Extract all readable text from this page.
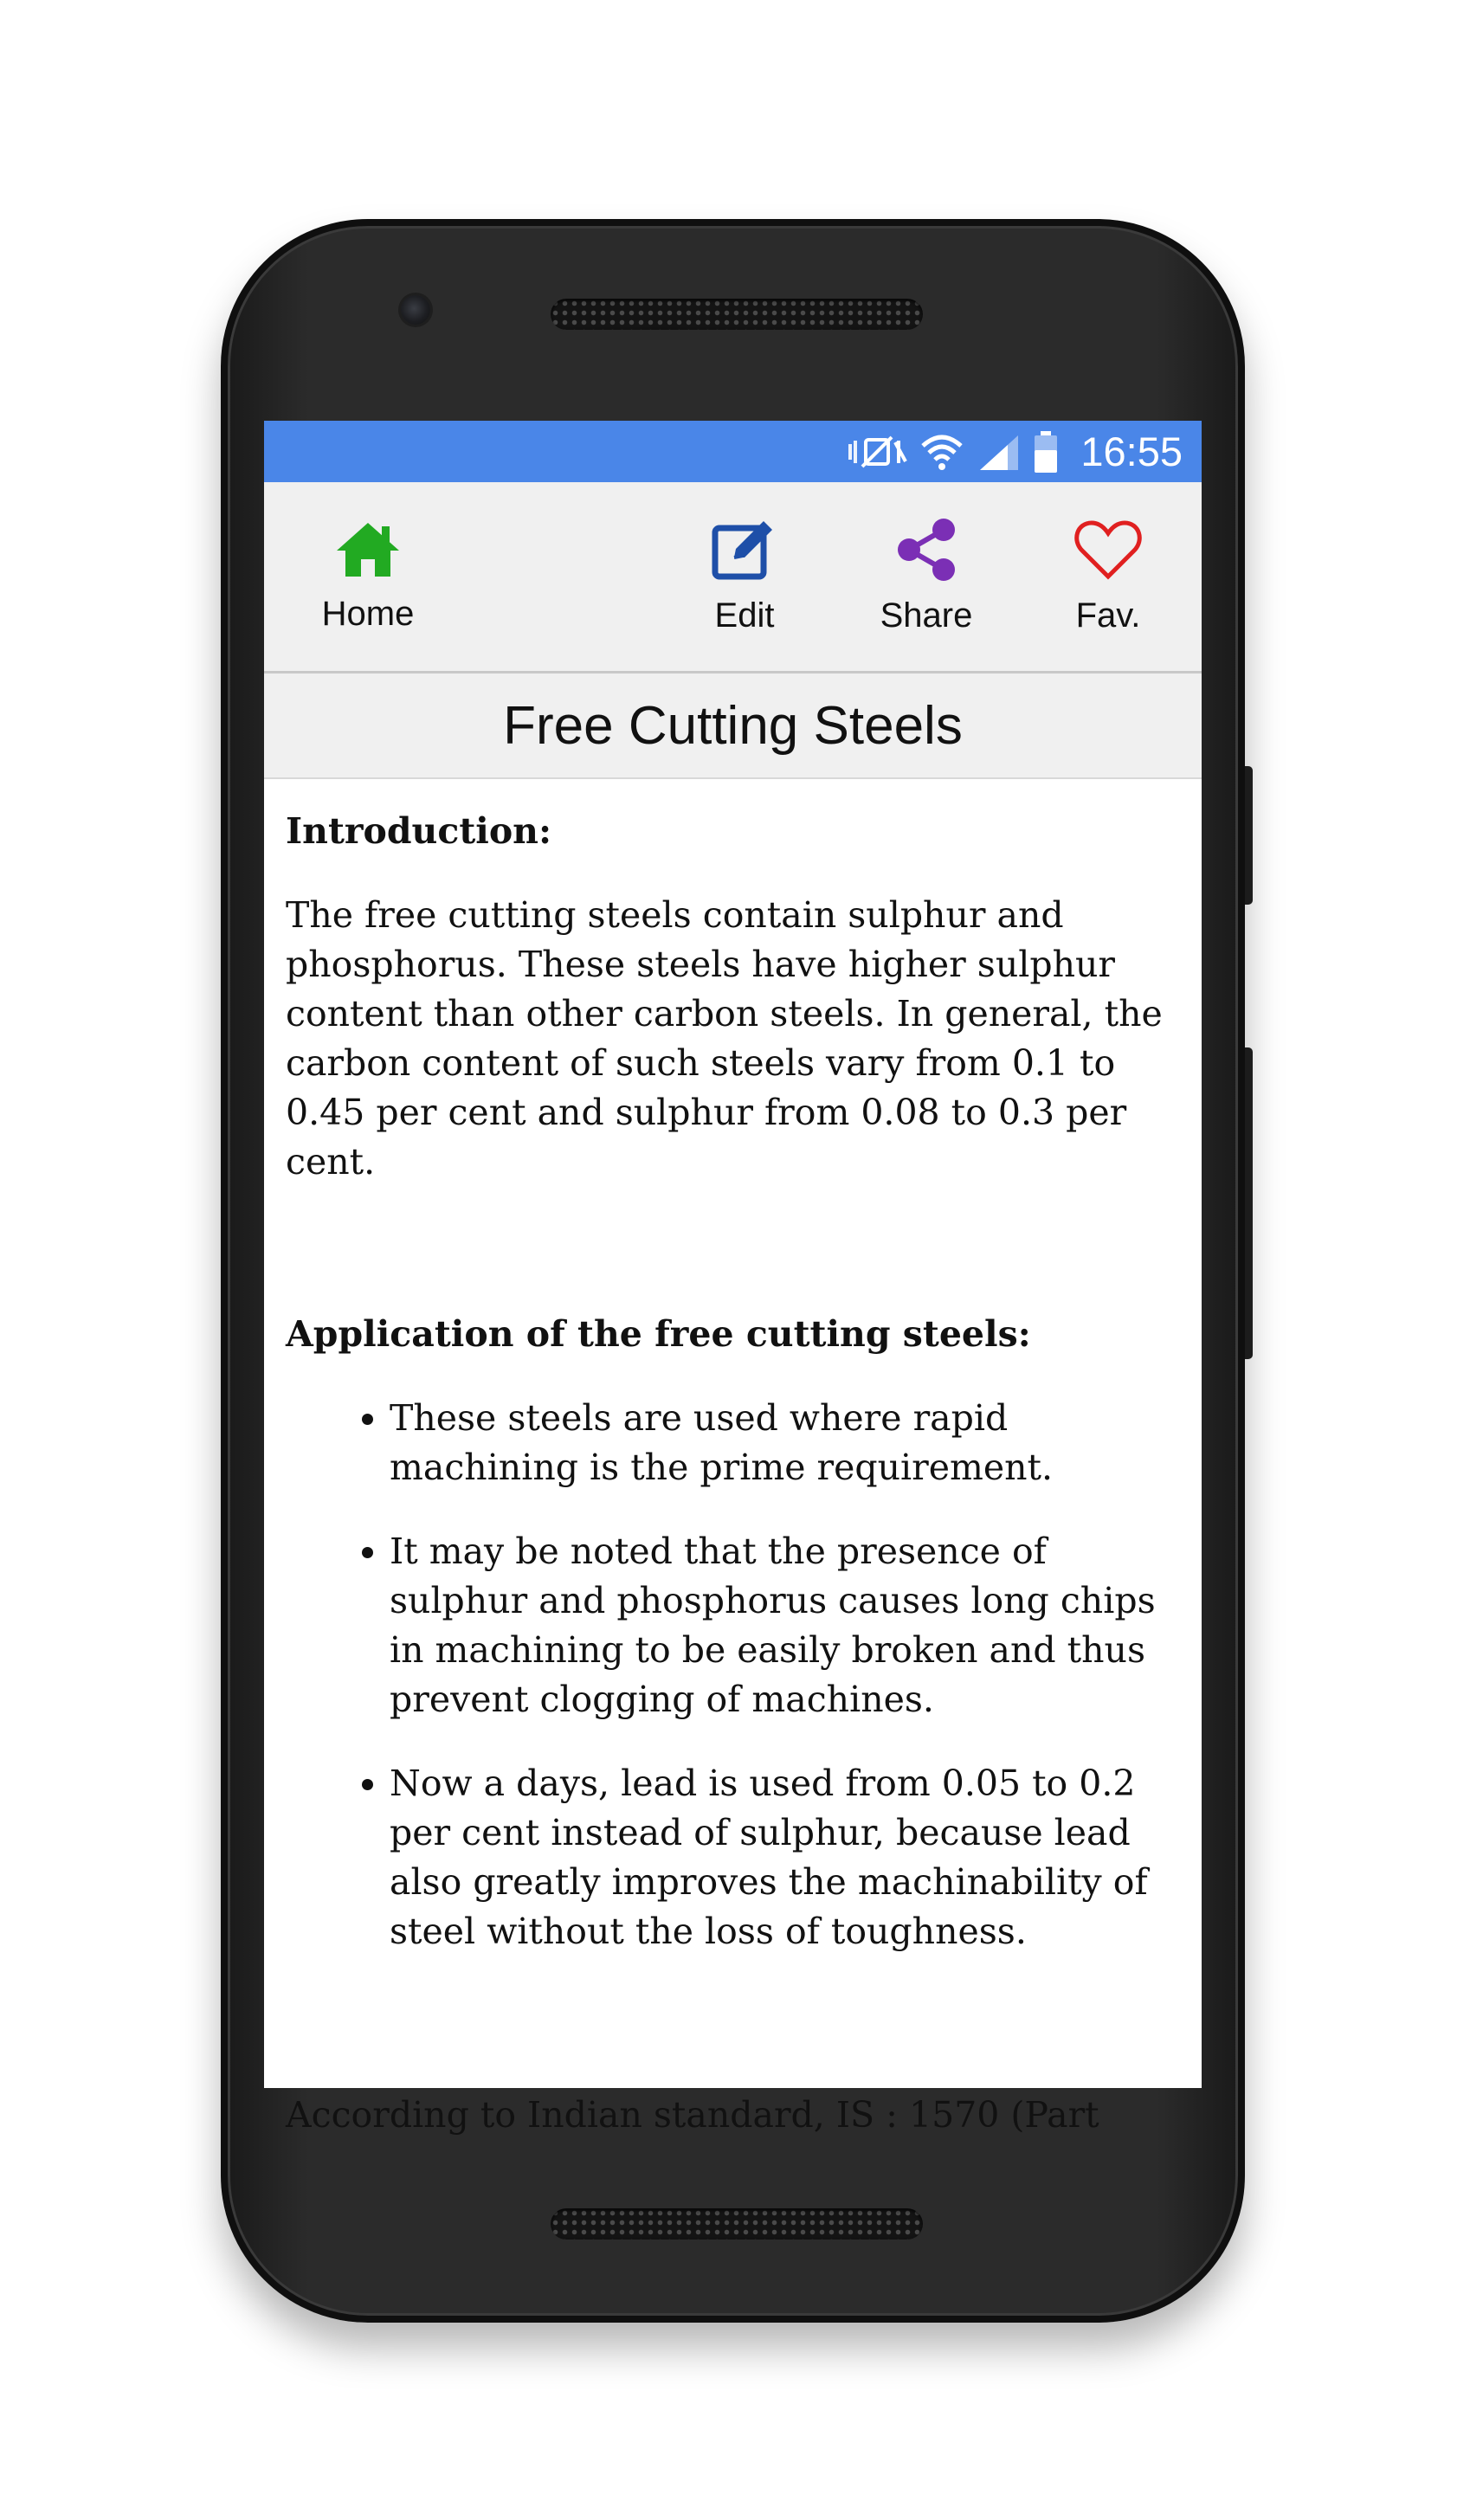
16:55
Home	Edit	Share	Fav.
Free Cutting Steels
Introduction:

The free cutting steels contain sulphur and phosphorus. These steels have higher sulphur content than other carbon steels. In general, the carbon content of such steels vary from 0.1 to 0.45 per cent and sulphur from 0.08 to 0.3 per cent.

Application of the free cutting steels:
• These steels are used where rapid machining is the prime requirement.
• It may be noted that the presence of sulphur and phosphorus causes long chips in machining to be easily broken and thus prevent clogging of machines.
• Now a days, lead is used from 0.05 to 0.2 per cent instead of sulphur, because lead also greatly improves the machinability of steel without the loss of toughness.

According to Indian standard, IS : 1570 (Part
